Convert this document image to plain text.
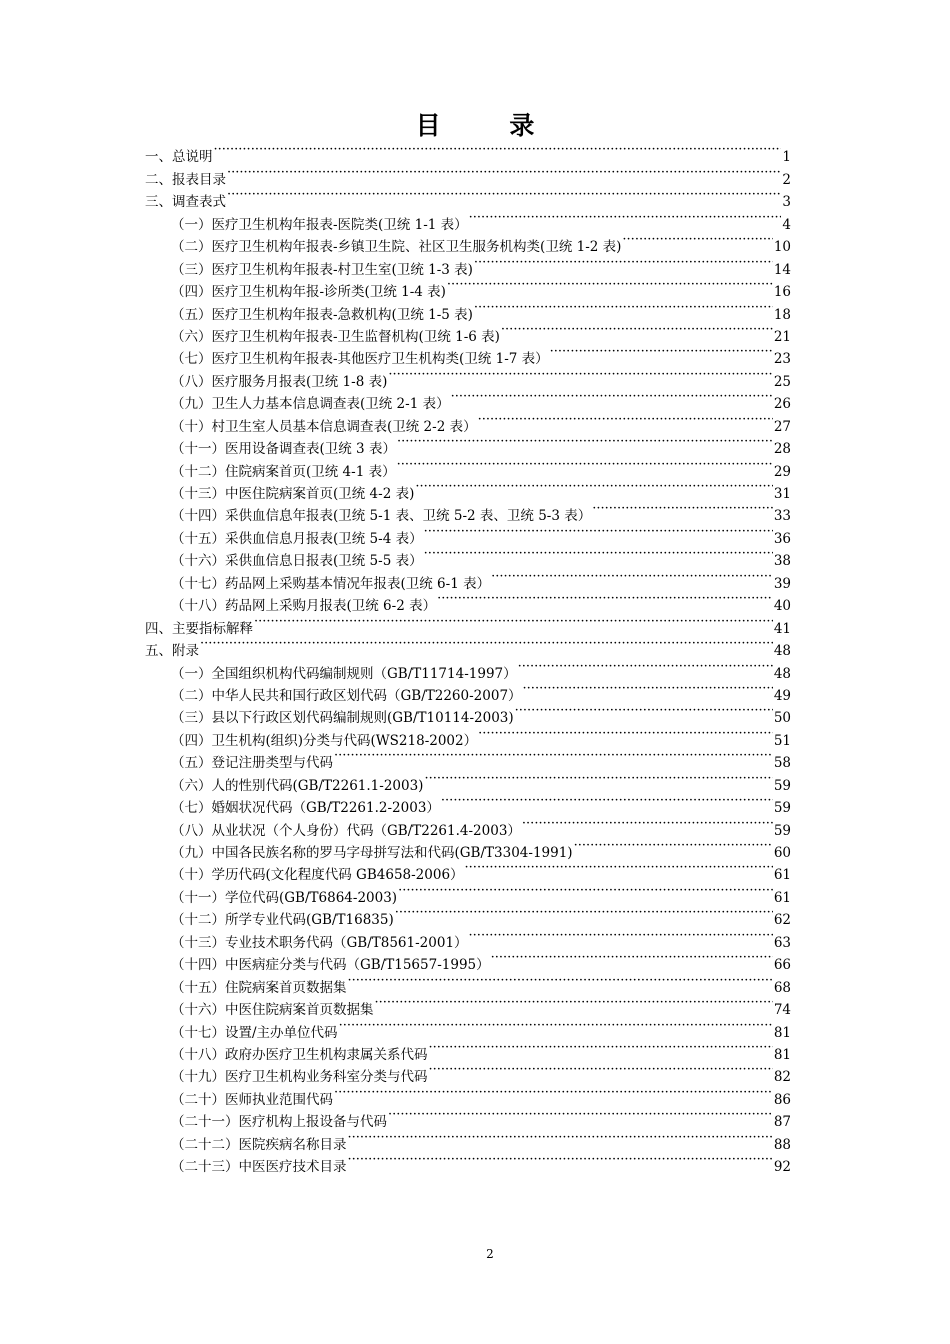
目 录
一、总说明 ·····	1
二、报表目录 ·····	2
三、调查表式 ·····	3
（一）医疗卫生机构年报表-医院类(卫统 1-1 表） ·····	4
（二）医疗卫生机构年报表-乡镇卫生院、社区卫生服务机构类(卫统 1-2 表) ·····	10
（三）医疗卫生机构年报表-村卫生室(卫统 1-3 表) ·····	14
（四）医疗卫生机构年报-诊所类(卫统 1-4 表) ·····	16
（五）医疗卫生机构年报表-急救机构(卫统 1-5 表) ·····	18
（六）医疗卫生机构年报表-卫生监督机构(卫统 1-6 表) ·····	21
（七）医疗卫生机构年报表-其他医疗卫生机构类(卫统 1-7 表） ·····	23
（八）医疗服务月报表(卫统 1-8 表) ·····	25
（九）卫生人力基本信息调查表(卫统 2-1 表） ·····	26
（十）村卫生室人员基本信息调查表(卫统 2-2 表） ·····	27
（十一）医用设备调查表(卫统 3 表） ·····	28
（十二）住院病案首页(卫统 4-1 表） ·····	29
（十三）中医住院病案首页(卫统 4-2 表) ·····	31
（十四）采供血信息年报表(卫统 5-1 表、卫统 5-2 表、卫统 5-3 表） ·····	33
（十五）采供血信息月报表(卫统 5-4 表） ·····	36
（十六）采供血信息日报表(卫统 5-5 表） ·····	38
（十七）药品网上采购基本情况年报表(卫统 6-1 表） ·····	39
（十八）药品网上采购月报表(卫统 6-2 表） ·····	40
四、主要指标解释 ·····	41
五、附录 ·····	48
（一）全国组织机构代码编制规则（GB/T11714-1997） ·····	48
（二）中华人民共和国行政区划代码（GB/T2260-2007） ·····	49
（三）县以下行政区划代码编制规则(GB/T10114-2003) ·····	50
（四）卫生机构(组织)分类与代码(WS218-2002） ·····	51
（五）登记注册类型与代码 ·····	58
（六）人的性别代码(GB/T2261.1-2003) ·····	59
（七）婚姻状况代码（GB/T2261.2-2003） ·····	59
（八）从业状况（个人身份）代码（GB/T2261.4-2003） ·····	59
（九）中国各民族名称的罗马字母拼写法和代码(GB/T3304-1991) ·····	60
（十）学历代码(文化程度代码 GB4658-2006） ·····	61
（十一）学位代码(GB/T6864-2003) ·····	61
（十二）所学专业代码(GB/T16835) ·····	62
（十三）专业技术职务代码（GB/T8561-2001） ·····	63
（十四）中医病症分类与代码（GB/T15657-1995） ·····	66
（十五）住院病案首页数据集 ·····	68
（十六）中医住院病案首页数据集 ·····	74
（十七）设置/主办单位代码 ·····	81
（十八）政府办医疗卫生机构隶属关系代码 ·····	81
（十九）医疗卫生机构业务科室分类与代码 ·····	82
（二十）医师执业范围代码 ·····	86
（二十一）医疗机构上报设备与代码 ·····	87
（二十二）医院疾病名称目录 ·····	88
（二十三）中医医疗技术目录 ·····	92
2
